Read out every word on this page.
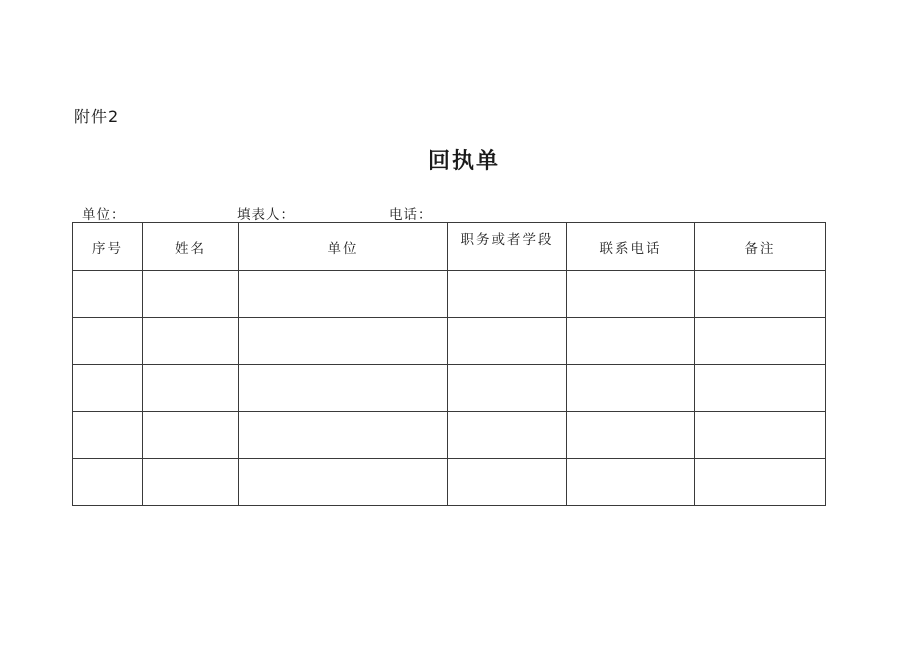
附件2
回执单
单位：	填表人：	电话：
序号	姓名	单位	职务或者学段	联系电话	备注
